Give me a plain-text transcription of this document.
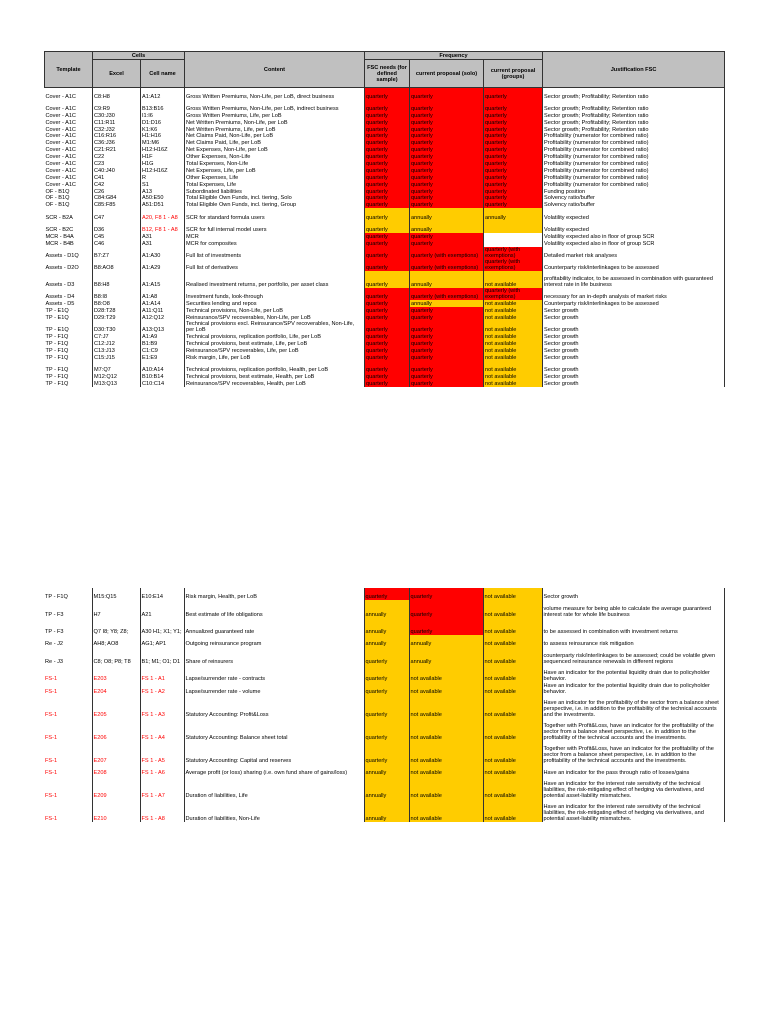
Template	Cells		Content	Frequency			Justification FSC
	Excel	Cell name		FSC needs (for defined sample)	current proposal (solo)	current proposal (groups)	
Cover - A1C	C8:H8	A1:A12	Gross Written Premiums, Non-Life, per LoB, direct business	quarterly	quarterly	quarterly	Sector growth; Profitability; Retention ratio
Cover - A1C	C9:R9	B13:B16	Gross Written Premiums, Non-Life, per LoB, indirect business	quarterly	quarterly	quarterly	Sector growth; Profitability; Retention ratio
Cover - A1C	C30:J30	I1:I6	Gross Written Premiums, Life, per LoB	quarterly	quarterly	quarterly	Sector growth; Profitability; Retention ratio
Cover - A1C	C11:R11	D1:D16	Net Written Premiums, Non-Life, per LoB	quarterly	quarterly	quarterly	Sector growth; Profitability; Retention ratio
Cover - A1C	C32:J32	K1:K6	Net Written Premiums, Life, per LoB	quarterly	quarterly	quarterly	Sector growth; Profitability; Retention ratio
Cover - A1C	C16:R16	H1:H16	Net Claims Paid, Non-Life, per LoB	quarterly	quarterly	quarterly	Profitability (numerator for combined ratio)
Cover - A1C	C36:J36	M1:M6	Net Claims Paid, Life, per LoB	quarterly	quarterly	quarterly	Profitability (numerator for combined ratio)
Cover - A1C	C21:R21	H12:H16Z	Net Expenses, Non-Life, per LoB	quarterly	quarterly	quarterly	Profitability (numerator for combined ratio)
Cover - A1C	C22	H1F	Other Expenses, Non-Life	quarterly	quarterly	quarterly	Profitability (numerator for combined ratio)
Cover - A1C	C23	H1G	Total Expenses, Non-Life	quarterly	quarterly	quarterly	Profitability (numerator for combined ratio)
Cover - A1C	C40:J40	H12:H16Z	Net Expenses, Life, per LoB	quarterly	quarterly	quarterly	Profitability (numerator for combined ratio)
Cover - A1C	C41	R	Other Expenses, Life	quarterly	quarterly	quarterly	Profitability (numerator for combined ratio)
Cover - A1C	C42	S1	Total Expenses, Life	quarterly	quarterly	quarterly	Profitability (numerator for combined ratio)
OF - B1Q	C26	A13	Subordinated liabilities	quarterly	quarterly	quarterly	Funding position
OF - B1Q	C84:G84	A50:E50	Total Eligible Own Funds, incl. tiering, Solo	quarterly	quarterly	quarterly	Solvency ratio/buffer
OF - B1Q	C85:F85	A51:D51	Total Eligible Own Funds, incl. tiering, Group	quarterly	quarterly	quarterly	Solvency ratio/buffer
SCR - B2A	C47	A20, F8 1 - A8	SCR for standard formula users	quarterly	annually	annually	Volatility expected
SCR - B2C	D36	B12, F8 1 - A8	SCR for full internal model users	quarterly	annually		Volatility expected
MCR - B4A	C45	A31	MCR	quarterly	quarterly		Volatility expected also in floor of group SCR
MCR - B4B	C46	A31	MCR for composites	quarterly	quarterly		Volatility expected also in floor of group SCR
Assets - D1Q	B7:Z7	A1:A30	Full list of investments	quarterly	quarterly (with exemptions)	quarterly (with exemptions)	Detailed market risk analyses
Assets - D2O	B8:AO8	A1:A29	Full list of derivatives	quarterly	quarterly (with exemptions)	quarterly (with exemptions)	Counterparty risk/interlinkages to be assessed
Assets - D3	B8:H8	A1:A15	Realised investment returns, per portfolio, per asset class	quarterly	annually	not available	profitability indicator, to be assessed in combination with guaranteed interest rate in life business
Assets - D4	B8:I8	A1:A8	Investment funds, look-through	quarterly	quarterly (with exemptions)	quarterly (with exemptions)	necessary for an in-depth analysis of market risks
Assets - D5	B8:O8	A1:A14	Securities lending and repos	quarterly	annually	not available	Counterparty risk/interlinkages to be assessed
TP - E1Q	D28:T28	A11:Q11	Technical provisions, Non-Life, per LoB	quarterly	quarterly	not available	Sector growth
TP - E1Q	D29:T29	A12:Q12	Reinsurance/SPV recoverables, Non-Life, per LoB	quarterly	quarterly	not available	Sector growth
TP - E1Q	D30:T30	A13:Q13	Technical provisions excl. Reinsurance/SPV recoverables, Non-Life, per LoB	quarterly	quarterly	not available	Sector growth
TP - F1Q	C7:J7	A1:A9	Technical provisions, replication portfolio, Life, per LoB	quarterly	quarterly	not available	Sector growth
TP - F1Q	C12:J12	B1:B9	Technical provisions, best estimate, Life, per LoB	quarterly	quarterly	not available	Sector growth
TP - F1Q	C13:J13	C1:C9	Reinsurance/SPV recoverables, Life, per LoB	quarterly	quarterly	not available	Sector growth
TP - F1Q	C15:J15	E1:E9	Risk margin, Life, per LoB	quarterly	quarterly	not available	Sector growth
TP - F1Q	M7:Q7	A10:A14	Technical provisions, replication portfolio, Health, per LoB	quarterly	quarterly	not available	Sector growth
TP - F1Q	M12:Q12	B10:B14	Technical provisions, best estimate, Health, per LoB	quarterly	quarterly	not available	Sector growth
TP - F1Q	M13:Q13	C10:C14	Reinsurance/SPV recoverables, Health, per LoB	quarterly	quarterly	not available	Sector growth
TP - F1Q	M15:Q15	E10:E14	Risk margin, Health, per LoB	quarterly	quarterly	not available	Sector growth
TP - F3	H7	A21	Best estimate of life obligations	annually	quarterly	not available	volume measure for being able to calculate the average guaranteed interest rate for whole life business
TP - F3	Q7 I8; Y8; Z8;	A30 H1; X1; Y1;	Annualized guaranteed rate	annually	quarterly	not available	to be assessed in combination with investment returns
Re - J2	AH8; AO8	AG1; AP1	Outgoing reinsurance program	annually	annually	not available	to assess reinsurance risk mitigation
Re - J3	C8; O8; P8; T8	B1; M1; O1; D1	Share of reinsurers	quarterly	annually	not available	counterparty risk/interlinkages to be assessed; could be volatile given sequenced reinsurance renewals in different regions
FS-1	E203	FS 1 - A1	Lapse/surrender rate - contracts	quarterly	not available	not available	Have an indicator for the potential liquidity drain due to policyholder behavior.
FS-1	E204	FS 1 - A2	Lapse/surrender rate - volume	quarterly	not available	not available	Have an indicator for the potential liquidity drain due to policyholder behavior.
FS-1	E205	FS 1 - A3	Statutory Accounting: Profit&Loss	quarterly	not available	not available	Have an indicator for the profitability of the sector from a balance sheet perspective, i.e. in addition to the profitability of the technical accounts and the investments.
FS-1	E206	FS 1 - A4	Statutory Accounting: Balance sheet total	quarterly	not available	not available	Together with Profit&Loss, have an indicator for the profitability of the sector from a balance sheet perspective, i.e. in addition to the profitability of the technical accounts and the investments.
FS-1	E207	FS 1 - A5	Statutory Accounting: Capital and reserves	quarterly	not available	not available	Together with Profit&Loss, have an indicator for the profitability of the sector from a balance sheet perspective, i.e. in addition to the profitability of the technical accounts and the investments.
FS-1	E208	FS 1 - A6	Average profit (or loss) sharing (i.e. own fund share of gains/loss)	annually	not available	not available	Have an indicator for the pass through ratio of losses/gains
FS-1	E209	FS 1 - A7	Duration of liabilities, Life	annually	not available	not available	Have an indicator for the interest rate sensitivity of the technical liabilities, the risk-mitigating effect of hedging via derivatives, and potential asset-liability mismatches.
FS-1	E210	FS 1 - A8	Duration of liabilities, Non-Life	annually	not available	not available	Have an indicator for the interest rate sensitivity of the technical liabilities, the risk-mitigating effect of hedging via derivatives, and potential asset-liability mismatches.
